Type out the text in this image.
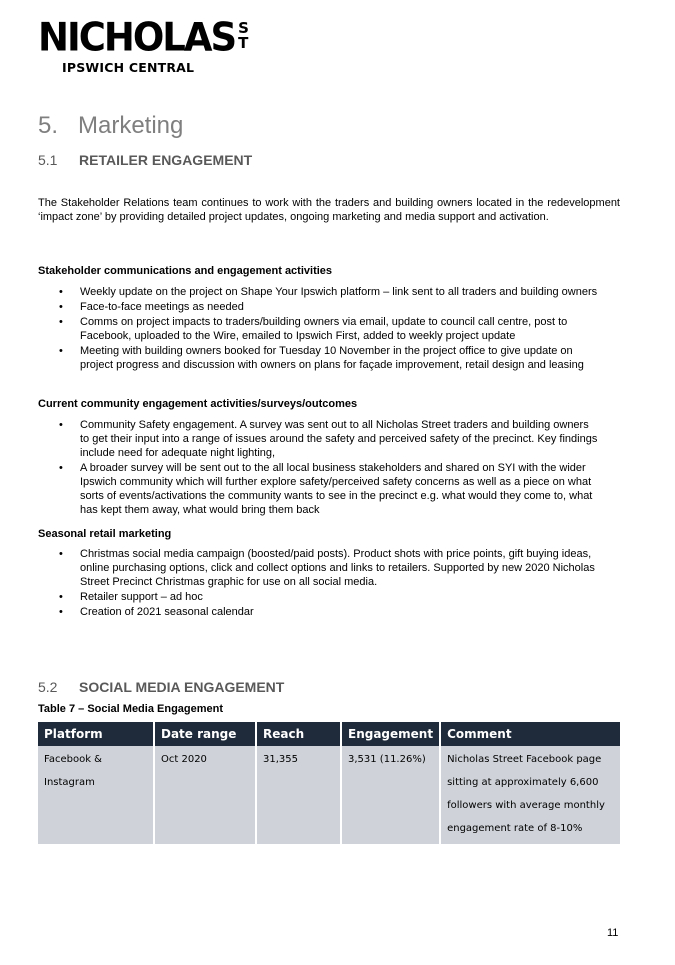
NICHOLAS S
T
IPSWICH CENTRAL
5. Marketing
5.1 RETAILER ENGAGEMENT
The Stakeholder Relations team continues to work with the traders and building owners located in the redevelopment ‘impact zone’ by providing detailed project updates, ongoing marketing and media support and activation.
Stakeholder communications and engagement activities
• Weekly update on the project on Shape Your Ipswich platform – link sent to all traders and building owners
• Face-to-face meetings as needed
• Comms on project impacts to traders/building owners via email, update to council call centre, post to Facebook, uploaded to the Wire, emailed to Ipswich First, added to weekly project update
• Meeting with building owners booked for Tuesday 10 November in the project office to give update on project progress and discussion with owners on plans for façade improvement, retail design and leasing
Current community engagement activities/surveys/outcomes
• Community Safety engagement. A survey was sent out to all Nicholas Street traders and building owners to get their input into a range of issues around the safety and perceived safety of the precinct. Key findings include need for adequate night lighting,
• A broader survey will be sent out to the all local business stakeholders and shared on SYI with the wider Ipswich community which will further explore safety/perceived safety concerns as well as a piece on what sorts of events/activations the community wants to see in the precinct e.g. what would they come to, what has kept them away, what would bring them back
Seasonal retail marketing
• Christmas social media campaign (boosted/paid posts). Product shots with price points, gift buying ideas, online purchasing options, click and collect options and links to retailers. Supported by new 2020 Nicholas Street Precinct Christmas graphic for use on all social media.
• Retailer support – ad hoc
• Creation of 2021 seasonal calendar
5.2 SOCIAL MEDIA ENGAGEMENT
Table 7 – Social Media Engagement
Platform	Date range	Reach	Engagement	Comment
Facebook & Instagram	Oct 2020	31,355	3,531 (11.26%)	Nicholas Street Facebook page sitting at approximately 6,600 followers with average monthly engagement rate of 8-10%
11
